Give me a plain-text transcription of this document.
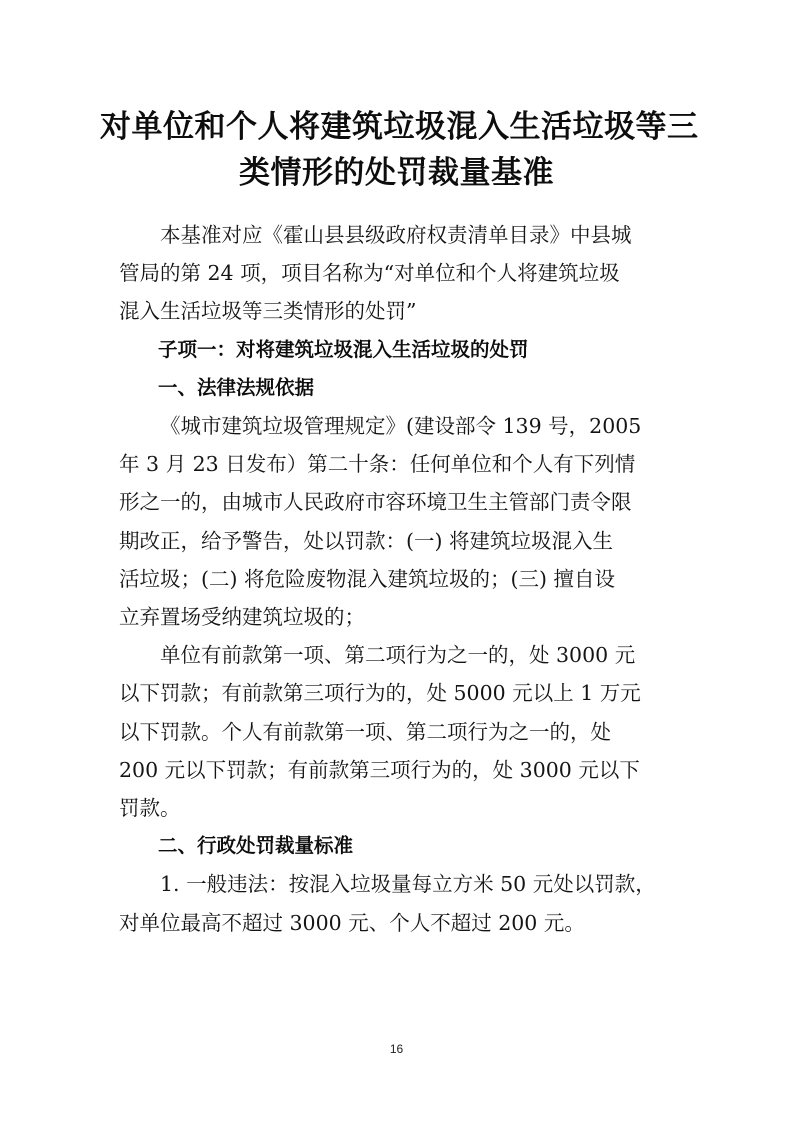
对单位和个人将建筑垃圾混入生活垃圾等三
类情形的处罚裁量基准
本基准对应《霍山县县级政府权责清单目录》中县城
管局的第 24 项，项目名称为“对单位和个人将建筑垃圾
混入生活垃圾等三类情形的处罚”
子项一：对将建筑垃圾混入生活垃圾的处罚
一、法律法规依据
《城市建筑垃圾管理规定》(建设部令 139 号，2005
年 3 月 23 日发布）第二十条：任何单位和个人有下列情
形之一的，由城市人民政府市容环境卫生主管部门责令限
期改正，给予警告，处以罚款：(一) 将建筑垃圾混入生
活垃圾；(二) 将危险废物混入建筑垃圾的；(三) 擅自设
立弃置场受纳建筑垃圾的；
单位有前款第一项、第二项行为之一的，处 3000 元
以下罚款；有前款第三项行为的，处 5000 元以上 1 万元
以下罚款。个人有前款第一项、第二项行为之一的，处
200 元以下罚款；有前款第三项行为的，处 3000 元以下
罚款。
二、行政处罚裁量标准
1. 一般违法：按混入垃圾量每立方米 50 元处以罚款，
对单位最高不超过 3000 元、个人不超过 200 元。
16
